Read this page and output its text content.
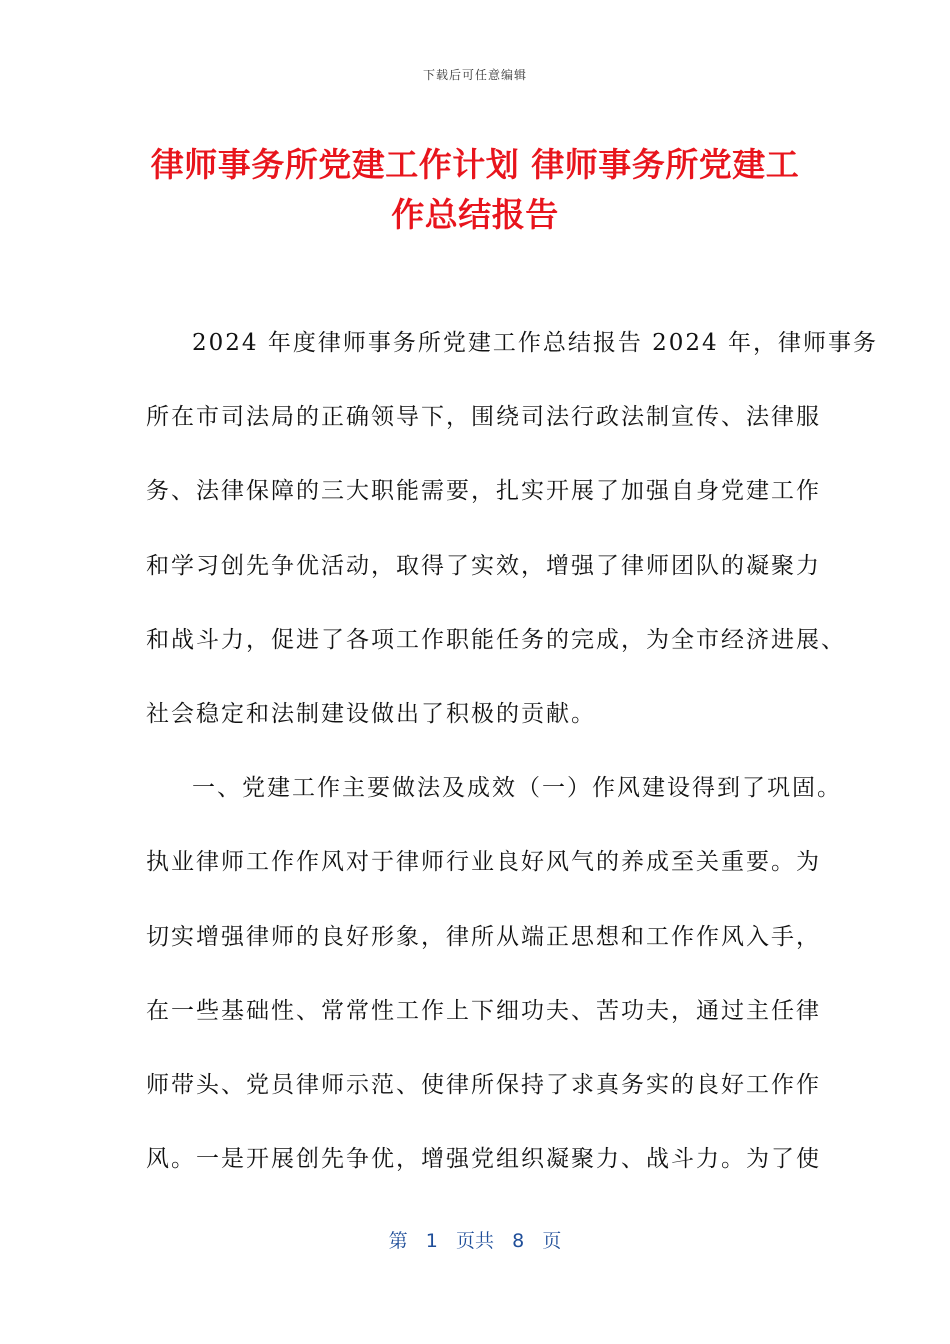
下载后可任意编辑
律师事务所党建工作计划 律师事务所党建工
作总结报告
2024 年度律师事务所党建工作总结报告 2024 年，律师事务
所在市司法局的正确领导下，围绕司法行政法制宣传、法律服
务、法律保障的三大职能需要，扎实开展了加强自身党建工作
和学习创先争优活动，取得了实效，增强了律师团队的凝聚力
和战斗力，促进了各项工作职能任务的完成，为全市经济进展、
社会稳定和法制建设做出了积极的贡献。
一、党建工作主要做法及成效（一）作风建设得到了巩固。
执业律师工作作风对于律师行业良好风气的养成至关重要。为
切实增强律师的良好形象，律所从端正思想和工作作风入手，
在一些基础性、常常性工作上下细功夫、苦功夫，通过主任律
师带头、党员律师示范、使律所保持了求真务实的良好工作作
风。一是开展创先争优，增强党组织凝聚力、战斗力。为了使
第 1 页共 8 页
